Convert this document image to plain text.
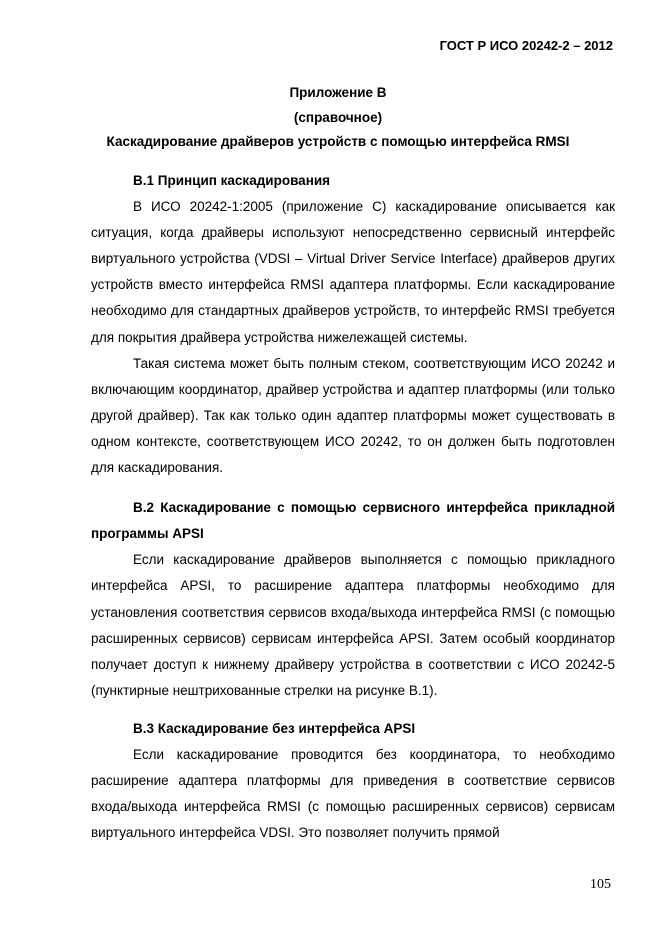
ГОСТ Р ИСО 20242-2 – 2012
Приложение В
(справочное)
Каскадирование драйверов устройств с помощью интерфейса RMSI

В.1 Принцип каскадирования

В ИСО 20242-1:2005 (приложение С) каскадирование описывается как ситуация, когда драйверы используют непосредственно сервисный интерфейс виртуального устройства (VDSI – Virtual Driver Service Interface) драйверов других устройств вместо интерфейса RMSI адаптера платформы. Если каскадирование необходимо для стандартных драйверов устройств, то интерфейс RMSI требуется для покрытия драйвера устройства нижележащей системы.

Такая система может быть полным стеком, соответствующим ИСО 20242 и включающим координатор, драйвер устройства и адаптер платформы (или только другой драйвер). Так как только один адаптер платформы может существовать в одном контексте, соответствующем ИСО 20242, то он должен быть подготовлен для каскадирования.

В.2 Каскадирование с помощью сервисного интерфейса прикладной программы APSI

Если каскадирование драйверов выполняется с помощью прикладного интерфейса APSI, то расширение адаптера платформы необходимо для установления соответствия сервисов входа/выхода интерфейса RMSI (с помощью расширенных сервисов) сервисам интерфейса APSI. Затем особый координатор получает доступ к нижнему драйверу устройства в соответствии с ИСО 20242-5 (пунктирные нештрихованные стрелки на рисунке В.1).

В.3 Каскадирование без интерфейса APSI

Если каскадирование проводится без координатора, то необходимо расширение адаптера платформы для приведения в соответствие сервисов входа/выхода интерфейса RMSI (с помощью расширенных сервисов) сервисам виртуального интерфейса VDSI. Это позволяет получить прямой

105
